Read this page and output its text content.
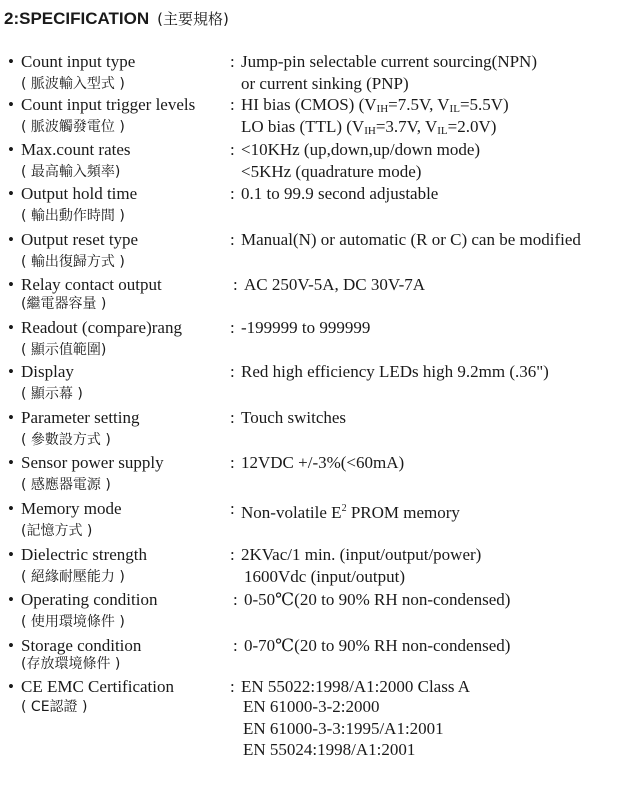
2:SPECIFICATION (主要規格)
• Count input type
( 脈波輸入型式 )
: Jump-pin selectable current sourcing(NPN)
or current sinking (PNP)
• Count input trigger levels
( 脈波觸發電位 )
: HI bias (CMOS) (VIH=7.5V, VIL=5.5V)
LO bias (TTL) (VIH=3.7V, VIL=2.0V)
• Max.count rates
( 最高輸入頻率)
: <10KHz (up,down,up/down mode)
<5KHz (quadrature mode)
• Output hold time
( 輸出動作時間 )
: 0.1 to 99.9 second adjustable
• Output reset type
( 輸出復歸方式 )
: Manual(N) or automatic (R or C) can be modified
• Relay contact output
(繼電器容量 )
: AC 250V-5A, DC 30V-7A
• Readout (compare)rang
( 顯示值範圍)
: -199999 to 999999
• Display
( 顯示幕 )
: Red high efficiency LEDs high 9.2mm (.36")
• Parameter setting
( 參數設方式 )
: Touch switches
• Sensor power supply
( 感應器電源 )
: 12VDC +/-3%(<60mA)
• Memory mode
(記憶方式 )
: Non-volatile $E^2$ PROM memory
• Dielectric strength
( 絕緣耐壓能力 )
: 2KVac/1 min. (input/output/power)
1600Vdc (input/output)
• Operating condition
( 使用環境條件 )
: 0-50℃(20 to 90% RH non-condensed)
• Storage condition
(存放環境條件 )
: 0-70℃(20 to 90% RH non-condensed)
• CE EMC Certification
( CE認證 )
: EN 55022:1998/A1:2000 Class A
EN 61000-3-2:2000
EN 61000-3-3:1995/A1:2001
EN 55024:1998/A1:2001
